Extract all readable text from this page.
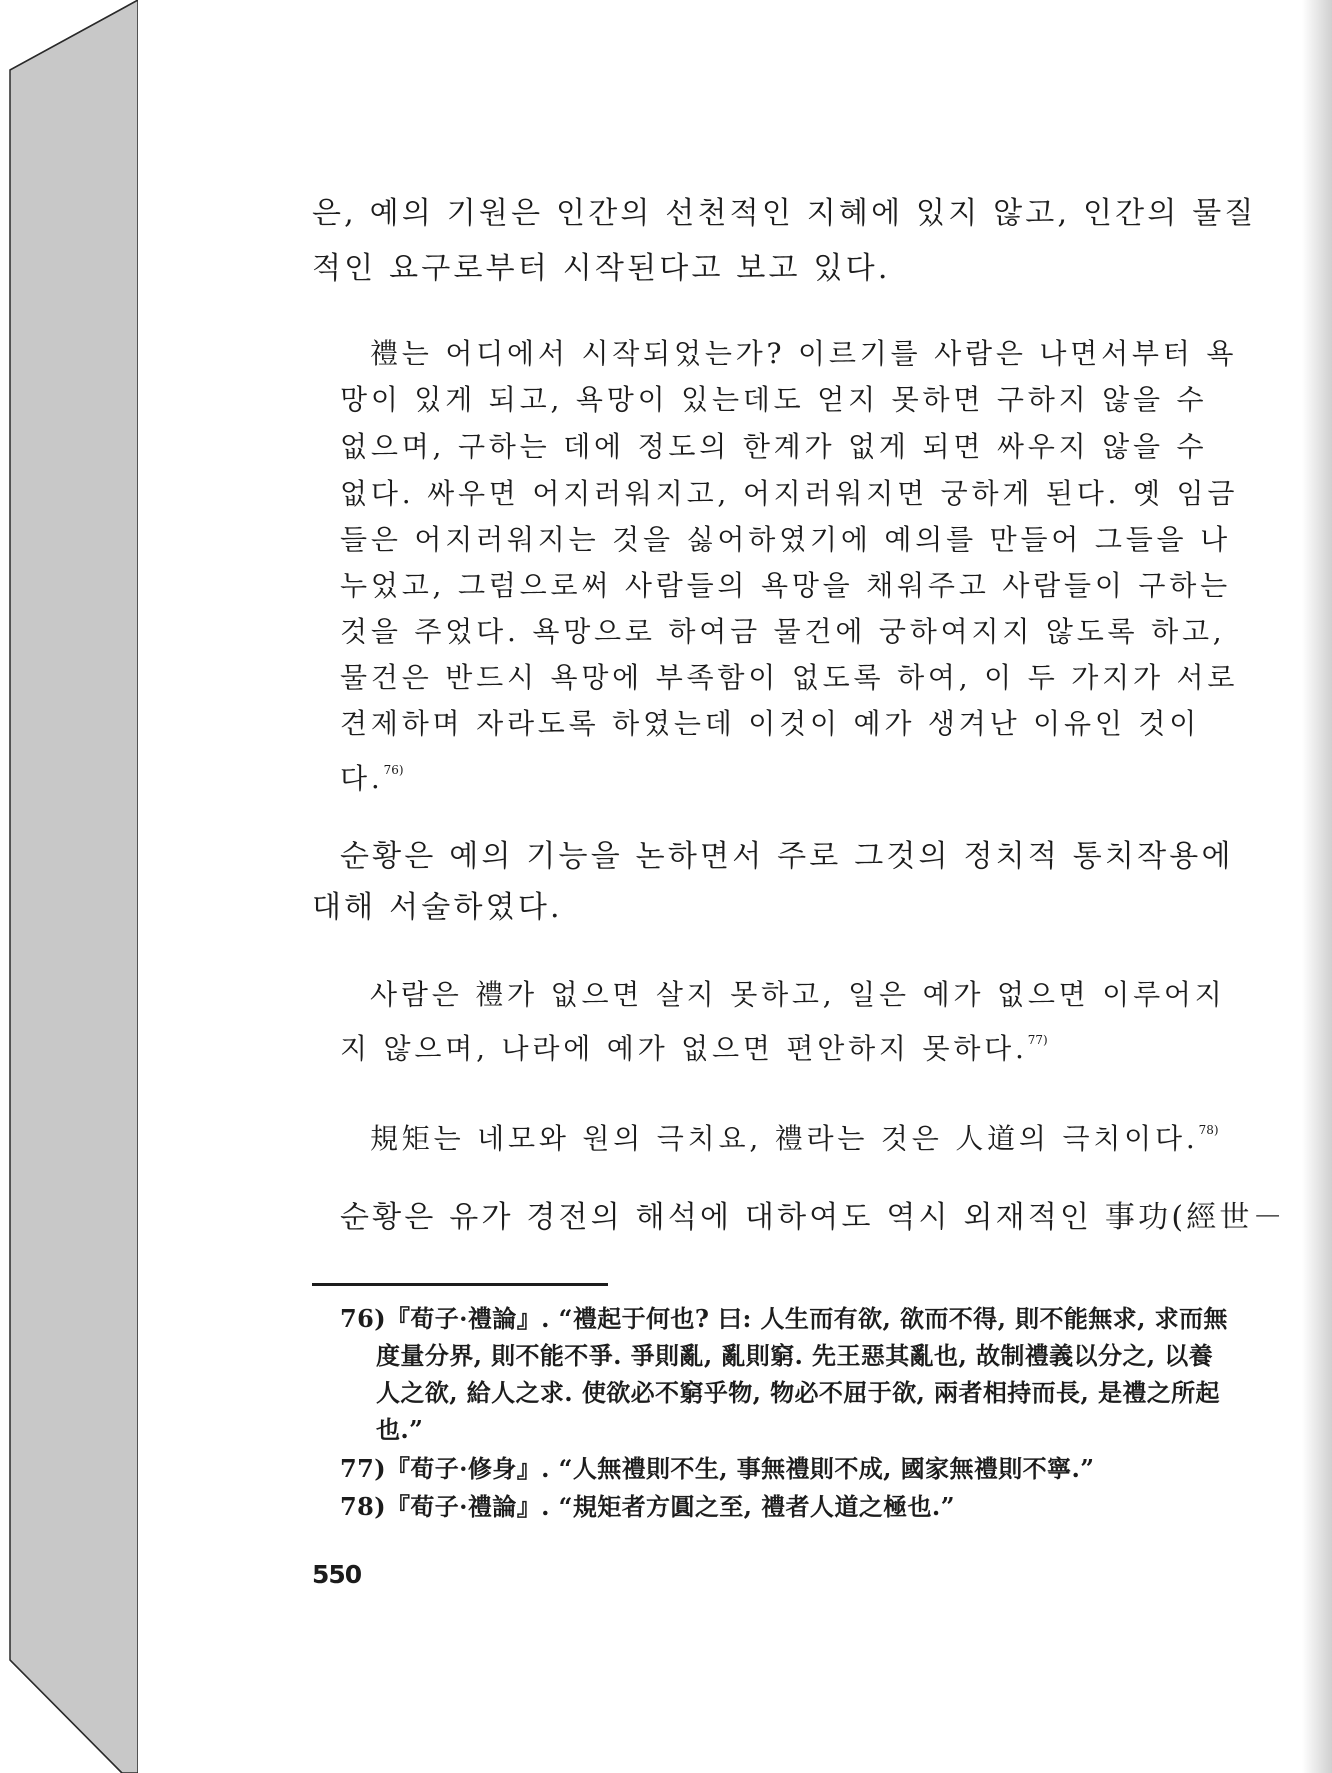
은, 예의 기원은 인간의 선천적인 지혜에 있지 않고, 인간의 물질
적인 요구로부터 시작된다고 보고 있다.
禮는 어디에서 시작되었는가? 이르기를 사람은 나면서부터 욕
망이 있게 되고, 욕망이 있는데도 얻지 못하면 구하지 않을 수
없으며, 구하는 데에 정도의 한계가 없게 되면 싸우지 않을 수
없다. 싸우면 어지러워지고, 어지러워지면 궁하게 된다. 옛 임금
들은 어지러워지는 것을 싫어하였기에 예의를 만들어 그들을 나
누었고, 그럼으로써 사람들의 욕망을 채워주고 사람들이 구하는
것을 주었다. 욕망으로 하여금 물건에 궁하여지지 않도록 하고,
물건은 반드시 욕망에 부족함이 없도록 하여, 이 두 가지가 서로
견제하며 자라도록 하였는데 이것이 예가 생겨난 이유인 것이
다.$^{76)}$
순황은 예의 기능을 논하면서 주로 그것의 정치적 통치작용에
대해 서술하였다.
사람은 禮가 없으면 살지 못하고, 일은 예가 없으면 이루어지
지 않으며, 나라에 예가 없으면 편안하지 못하다.$^{77)}$
規矩는 네모와 원의 극치요, 禮라는 것은 人道의 극치이다.$^{78)}$
순황은 유가 경전의 해석에 대하여도 역시 외재적인 事功(經世－
76)『荀子·禮論』. “禮起于何也? 曰: 人生而有欲, 欲而不得, 則不能無求, 求而無
度量分界, 則不能不爭. 爭則亂, 亂則窮. 先王惡其亂也, 故制禮義以分之, 以養
人之欲, 給人之求. 使欲必不窮乎物, 物必不屈于欲, 兩者相持而長, 是禮之所起
也.”
77)『荀子·修身』. “人無禮則不生, 事無禮則不成, 國家無禮則不寧.”
78)『荀子·禮論』. “規矩者方圓之至, 禮者人道之極也.”
550
